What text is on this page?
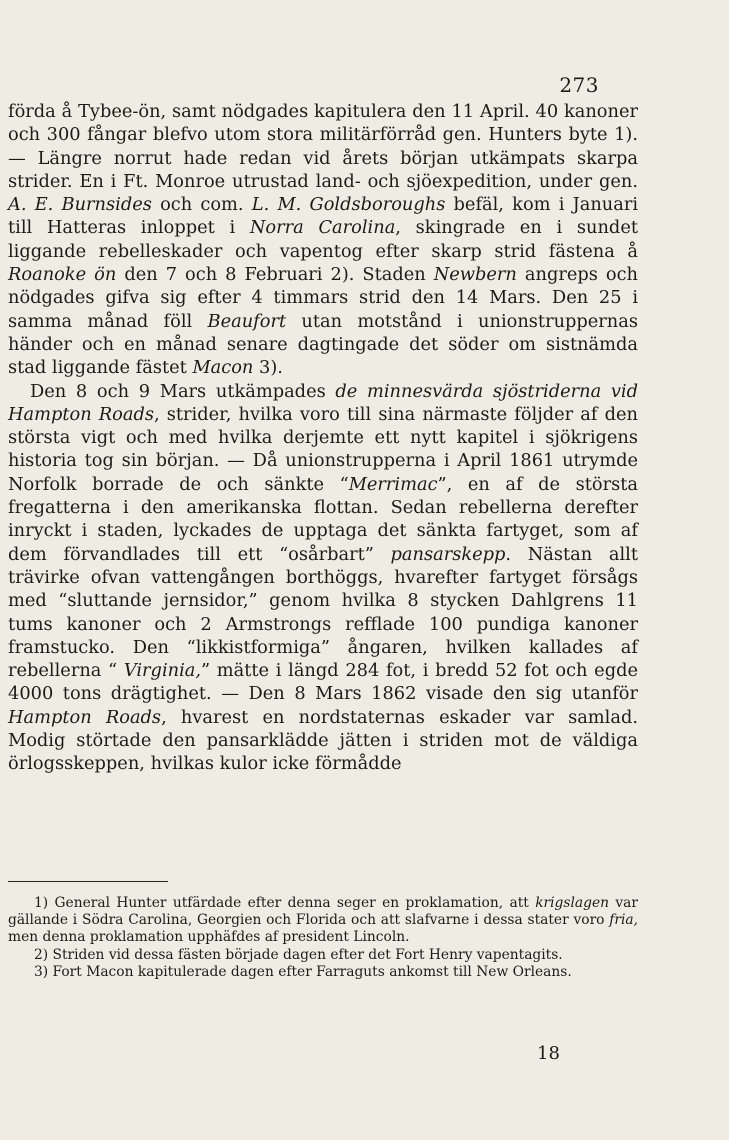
273

förda å Tybee-ön, samt nödgades kapitulera den 11 April. 40 kanoner och 300 fångar blefvo utom stora militärförråd gen. Hunters byte 1). — Längre norrut hade redan vid årets början utkämpats skarpa strider. En i Ft. Monroe utrustad land- och sjöexpedition, under gen. A. E. Burnsides och com. L. M. Goldsboroughs befäl, kom i Januari till Hatteras inloppet i Norra Carolina, skingrade en i sundet liggande rebelleskader och vapentog efter skarp strid fästena å Roanoke ön den 7 och 8 Februari 2). Staden Newbern angreps och nödgades gifva sig efter 4 timmars strid den 14 Mars. Den 25 i samma månad föll Beaufort utan motstånd i unionstruppernas händer och en månad senare dagtingade det söder om sistnämda stad liggande fästet Macon 3).

Den 8 och 9 Mars utkämpades de minnesvärda sjöstriderna vid Hampton Roads, strider, hvilka voro till sina närmaste följder af den största vigt och med hvilka derjemte ett nytt kapitel i sjökrigens historia tog sin början. — Då unionstrupperna i April 1861 utrymde Norfolk borrade de och sänkte “Merrimac”, en af de största fregatterna i den amerikanska flottan. Sedan rebellerna derefter inryckt i staden, lyckades de upptaga det sänkta fartyget, som af dem förvandlades till ett “osårbart” pansarskepp. Nästan allt trävirke ofvan vattengången borthöggs, hvarefter fartyget försågs med “sluttande jernsidor,” genom hvilka 8 stycken Dahlgrens 11 tums kanoner och 2 Armstrongs refflade 100 pundiga kanoner framstucko. Den “likkistformiga” ångaren, hvilken kallades af rebellerna “ Virginia,” mätte i längd 284 fot, i bredd 52 fot och egde 4000 tons drägtighet. — Den 8 Mars 1862 visade den sig utanför Hampton Roads, hvarest en nordstaternas eskader var samlad. Modig störtade den pansarklädde jätten i striden mot de väldiga örlogsskeppen, hvilkas kulor icke förmådde

1) General Hunter utfärdade efter denna seger en proklamation, att krigslagen var gällande i Södra Carolina, Georgien och Florida och att slafvarne i dessa stater voro fria, men denna proklamation upphäfdes af president Lincoln.

2) Striden vid dessa fästen började dagen efter det Fort Henry vapentagits.

3) Fort Macon kapitulerade dagen efter Farraguts ankomst till New Orleans.

18
